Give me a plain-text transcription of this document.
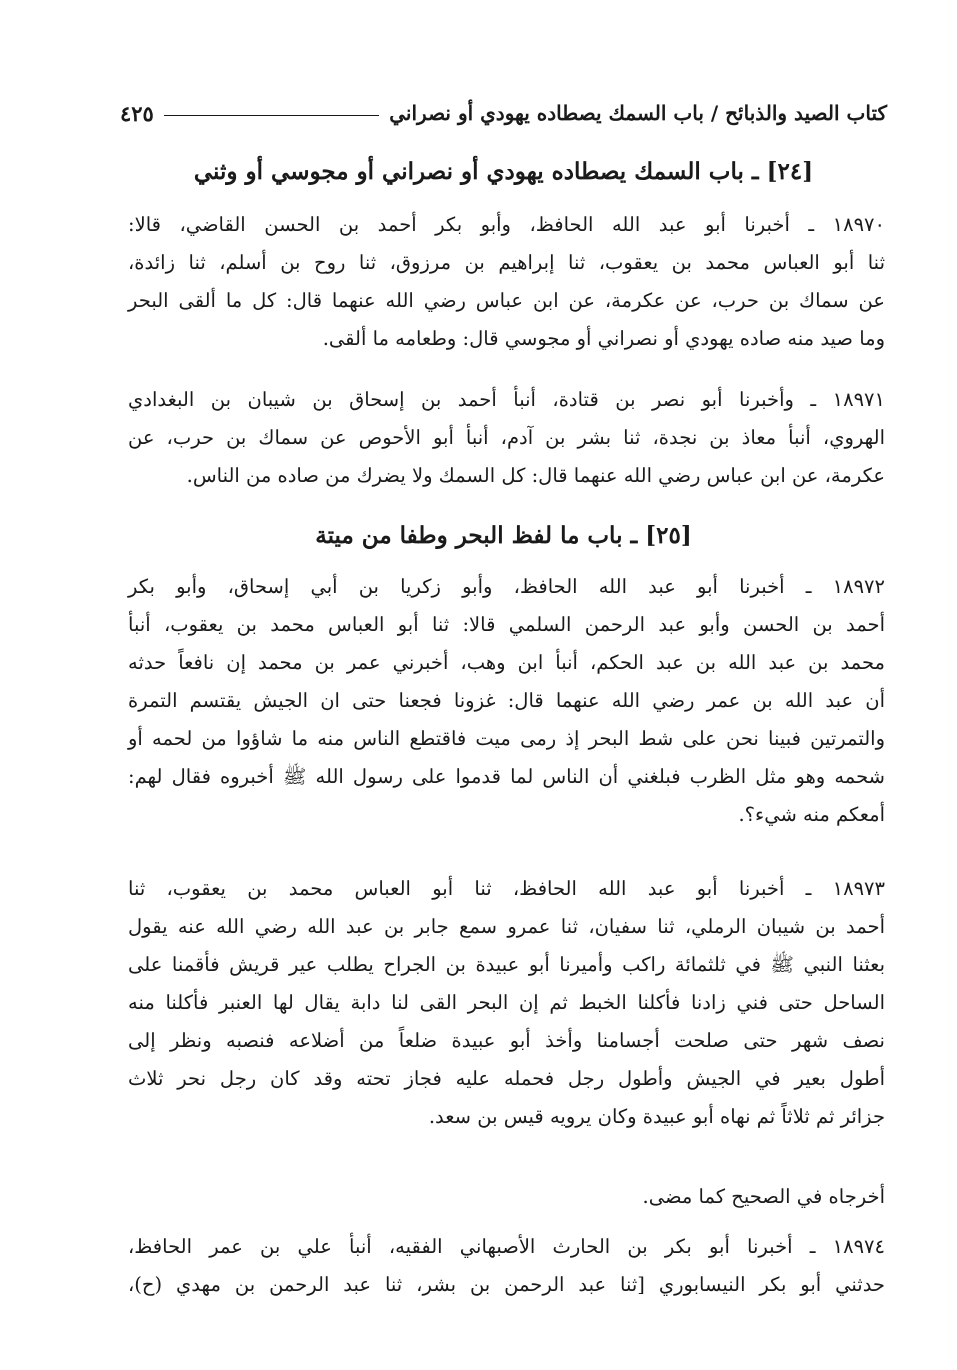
كتاب الصيد والذبائح / باب السمك يصطاده يهودي أو نصراني
٤٢٥
[٢٤] ـ باب السمك يصطاده يهودي أو نصراني أو مجوسي أو وثني
١٨٩٧٠ ـ أخبرنا أبو عبد الله الحافظ، وأبو بكر أحمد بن الحسن القاضي، قالا:
ثنا أبو العباس محمد بن يعقوب، ثنا إبراهيم بن مرزوق، ثنا روح بن أسلم، ثنا زائدة،
عن سماك بن حرب، عن عكرمة، عن ابن عباس رضي الله عنهما قال: كل ما ألقى البحر
وما صيد منه صاده يهودي أو نصراني أو مجوسي قال: وطعامه ما ألقى.
١٨٩٧١ ـ وأخبرنا أبو نصر بن قتادة، أنبأ أحمد بن إسحاق بن شيبان بن البغدادي
الهروي، أنبأ معاذ بن نجدة، ثنا بشر بن آدم، أنبأ أبو الأحوص عن سماك بن حرب، عن
عكرمة، عن ابن عباس رضي الله عنهما قال: كل السمك ولا يضرك من صاده من الناس.
[٢٥] ـ باب ما لفظ البحر وطفا من ميتة
١٨٩٧٢ ـ أخبرنا أبو عبد الله الحافظ، وأبو زكريا بن أبي إسحاق، وأبو بكر
أحمد بن الحسن وأبو عبد الرحمن السلمي قالا: ثنا أبو العباس محمد بن يعقوب، أنبأ
محمد بن عبد الله بن عبد الحكم، أنبأ ابن وهب، أخبرني عمر بن محمد إن نافعاً حدثه
أن عبد الله بن عمر رضي الله عنهما قال: غزونا فجعنا حتى ان الجيش يقتسم التمرة
والتمرتين فبينا نحن على شط البحر إذ رمى ميت فاقتطع الناس منه ما شاؤوا من لحمه أو
شحمه وهو مثل الظرب فبلغني أن الناس لما قدموا على رسول الله ﷺ أخبروه فقال لهم:
أمعكم منه شيء؟.
١٨٩٧٣ ـ أخبرنا أبو عبد الله الحافظ، ثنا أبو العباس محمد بن يعقوب، ثنا
أحمد بن شيبان الرملي، ثنا سفيان، ثنا عمرو سمع جابر بن عبد الله رضي الله عنه يقول
بعثنا النبي ﷺ في ثلثمائة راكب وأميرنا أبو عبيدة بن الجراح يطلب عير قريش فأقمنا على
الساحل حتى فني زادنا فأكلنا الخبط ثم إن البحر القى لنا دابة يقال لها العنبر فأكلنا منه
نصف شهر حتى صلحت أجسامنا وأخذ أبو عبيدة ضلعاً من أضلاعه فنصبه ونظر إلى
أطول بعير في الجيش وأطول رجل فحمله عليه فجاز تحته وقد كان رجل نحر ثلاث
جزائر ثم ثلاثاً ثم نهاه أبو عبيدة وكان يرويه قيس بن سعد.
أخرجاه في الصحيح كما مضى.
١٨٩٧٤ ـ أخبرنا أبو بكر بن الحارث الأصبهاني الفقيه، أنبأ علي بن عمر الحافظ،
حدثني أبو بكر النيسابوري [ثنا عبد الرحمن بن بشر، ثنا عبد الرحمن بن مهدي (ح)،
